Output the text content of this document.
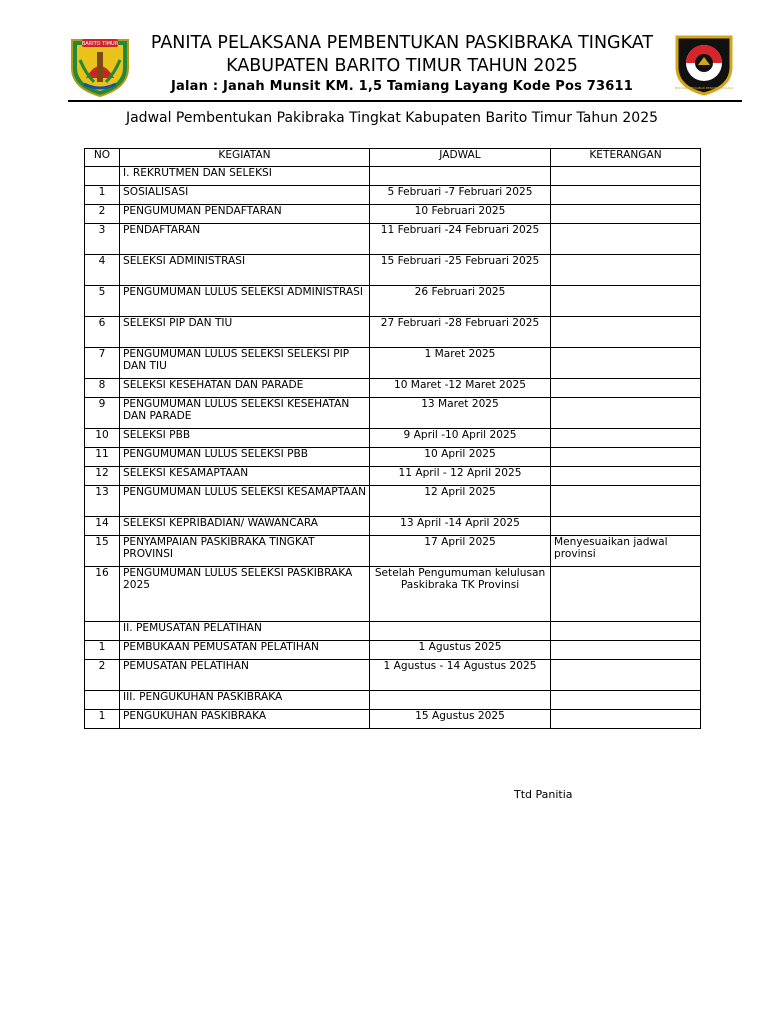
BARITO TIMUR	PANITA PELAKSANA PEMBENTUKAN PASKIBRAKA TINGKAT
KABUPATEN BARITO TIMUR TAHUN 2025
Jalan : Janah Munsit KM. 1,5 Tamiang Layang Kode Pos 73611	PASUKAN PENGIBAR BENDERA PUSAKA
Jadwal Pembentukan Pakibraka Tingkat Kabupaten Barito Timur Tahun 2025
NO	KEGIATAN	JADWAL	KETERANGAN
	I. REKRUTMEN DAN SELEKSI		
1	SOSIALISASI	5 Februari -7 Februari 2025	
2	PENGUMUMAN PENDAFTARAN	10 Februari 2025	
3	PENDAFTARAN	11 Februari -24 Februari 2025	
4	SELEKSI ADMINISTRASI	15 Februari -25 Februari 2025	
5	PENGUMUMAN LULUS SELEKSI ADMINISTRASI	26 Februari 2025	
6	SELEKSI PIP DAN TIU	27 Februari -28 Februari 2025	
7	PENGUMUMAN LULUS SELEKSI SELEKSI PIP DAN TIU	1 Maret 2025	
8	SELEKSI KESEHATAN DAN PARADE	10 Maret -12 Maret 2025	
9	PENGUMUMAN LULUS SELEKSI KESEHATAN DAN PARADE	13 Maret 2025	
10	SELEKSI PBB	9 April -10 April 2025	
11	PENGUMUMAN LULUS SELEKSI PBB	10 April 2025	
12	SELEKSI KESAMAPTAAN	11 April - 12 April 2025	
13	PENGUMUMAN LULUS SELEKSI KESAMAPTAAN	12 April 2025	
14	SELEKSI KEPRIBADIAN/ WAWANCARA	13 April -14 April 2025	
15	PENYAMPAIAN PASKIBRAKA TINGKAT PROVINSI	17 April 2025	Menyesuaikan jadwal provinsi
16	PENGUMUMAN LULUS SELEKSI PASKIBRAKA 2025	Setelah Pengumuman kelulusan Paskibraka TK Provinsi	
	II. PEMUSATAN PELATIHAN		
1	PEMBUKAAN PEMUSATAN PELATIHAN	1 Agustus 2025	
2	PEMUSATAN PELATIHAN	1 Agustus - 14 Agustus 2025	
	III. PENGUKUHAN PASKIBRAKA		
1	PENGUKUHAN PASKIBRAKA	15 Agustus 2025	
Ttd Panitia
